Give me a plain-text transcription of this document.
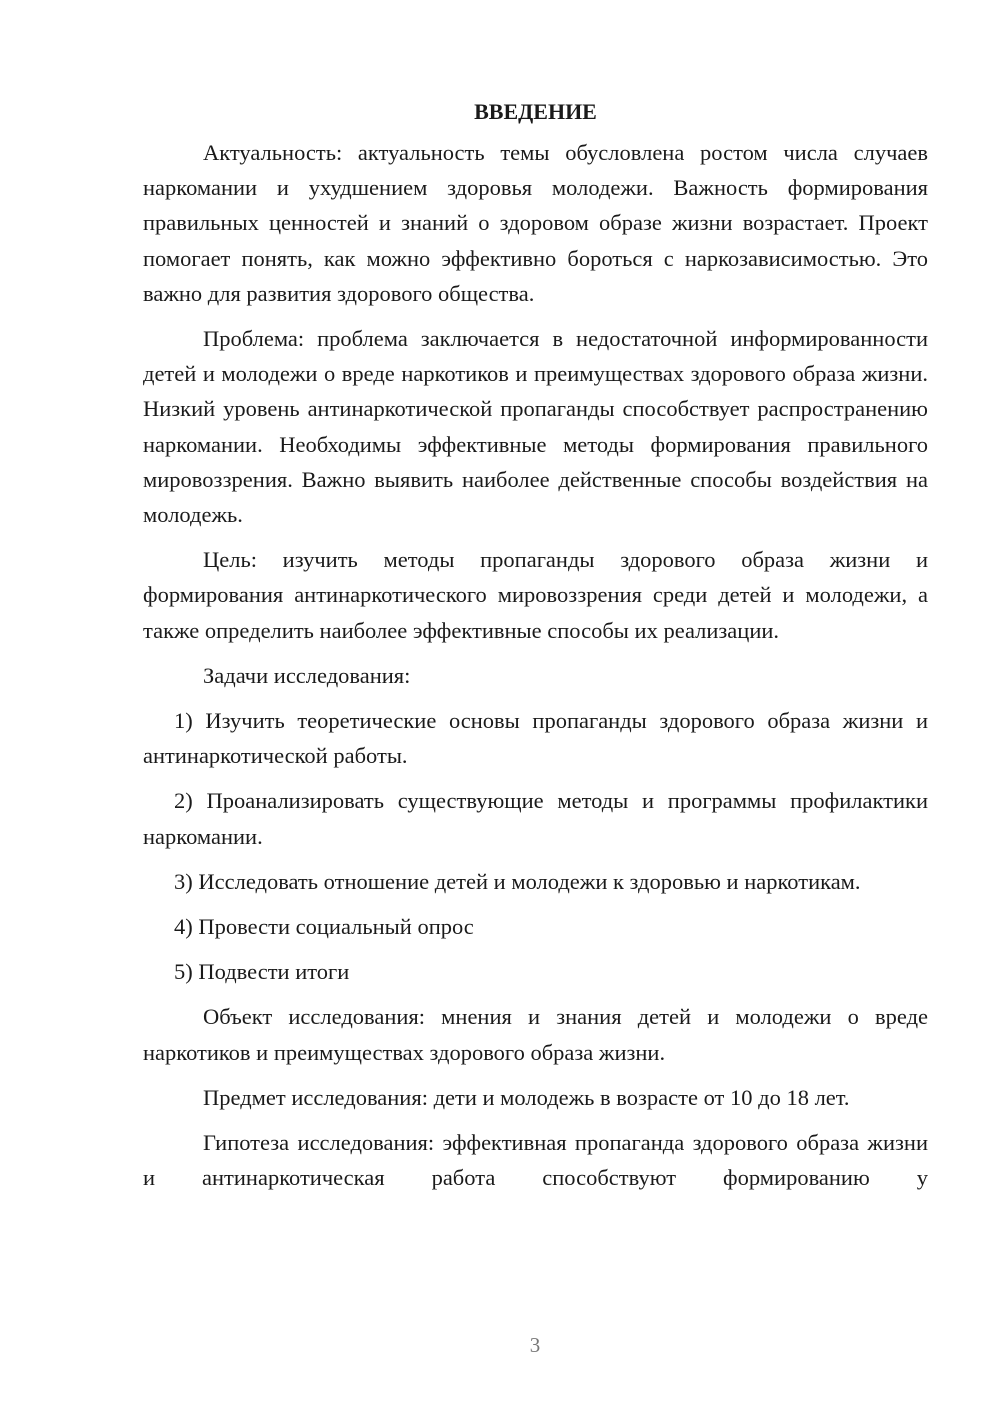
ВВЕДЕНИЕ

Актуальность: актуальность темы обусловлена ростом числа случаев наркомании и ухудшением здоровья молодежи. Важность формирования правильных ценностей и знаний о здоровом образе жизни возрастает. Проект помогает понять, как можно эффективно бороться с наркозависимостью. Это важно для развития здорового общества.

Проблема: проблема заключается в недостаточной информированности детей и молодежи о вреде наркотиков и преимуществах здорового образа жизни. Низкий уровень антинаркотической пропаганды способствует распространению наркомании. Необходимы эффективные методы формирования правильного мировоззрения. Важно выявить наиболее действенные способы воздействия на молодежь.

Цель: изучить методы пропаганды здорового образа жизни и формирования антинаркотического мировоззрения среди детей и молодежи, а также определить наиболее эффективные способы их реализации.

Задачи исследования:

1) Изучить теоретические основы пропаганды здорового образа жизни и антинаркотической работы.

2) Проанализировать существующие методы и программы профилактики наркомании.

3) Исследовать отношение детей и молодежи к здоровью и наркотикам.

4) Провести социальный опрос

5) Подвести итоги

Объект исследования: мнения и знания детей и молодежи о вреде наркотиков и преимуществах здорового образа жизни.

Предмет исследования: дети и молодежь в возрасте от 10 до 18 лет.

Гипотеза исследования: эффективная пропаганда здорового образа жизни и антинаркотическая работа способствуют формированию у

3
